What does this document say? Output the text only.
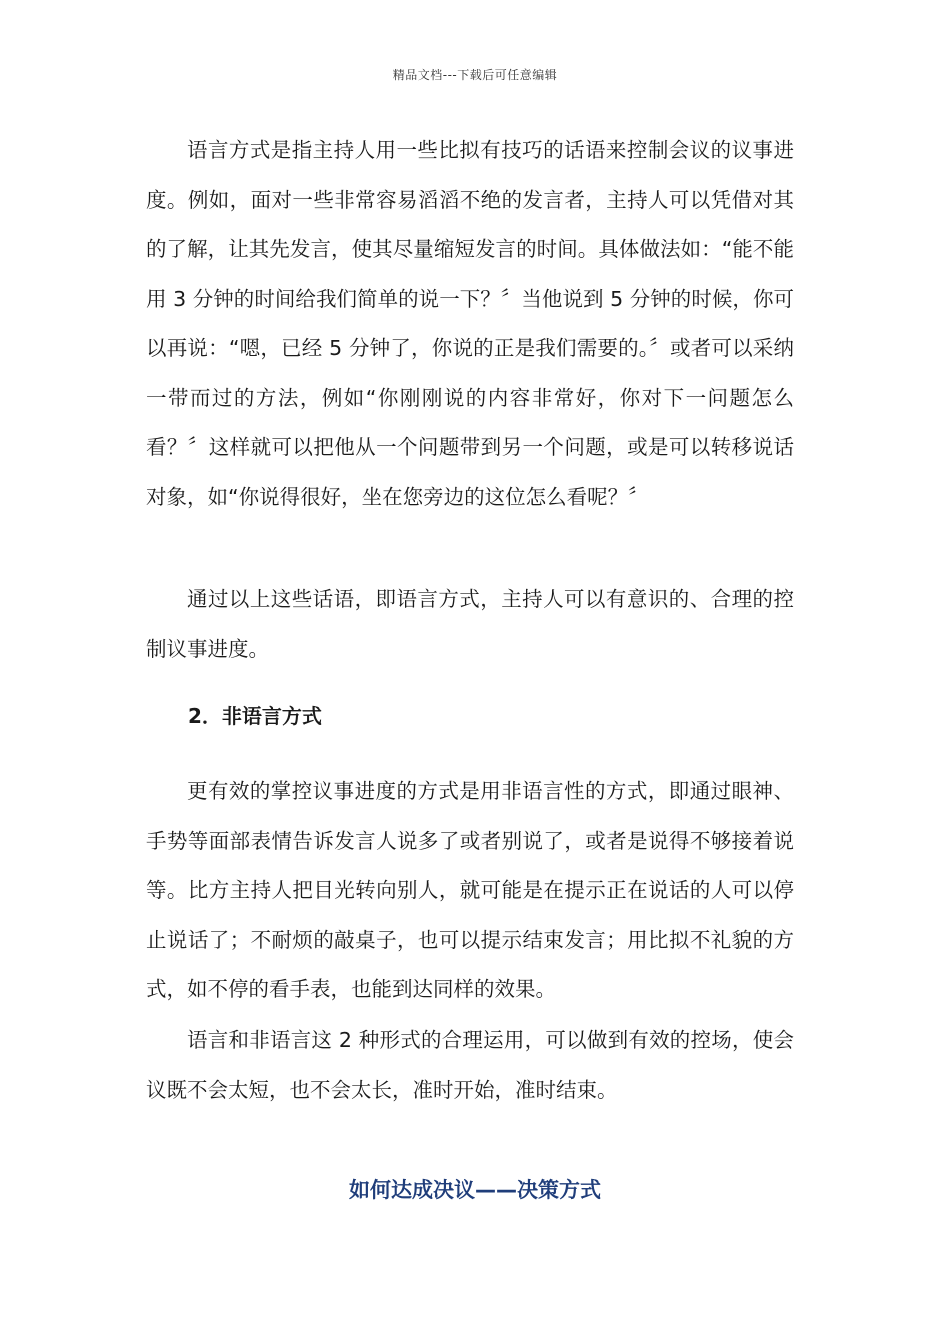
精品文档---下载后可任意编辑

语言方式是指主持人用一些比拟有技巧的话语来控制会议的议事进度。例如，面对一些非常容易滔滔不绝的发言者，主持人可以凭借对其的了解，让其先发言，使其尽量缩短发言的时间。具体做法如：“能不能用 3 分钟的时间给我们简单的说一下？〞当他说到 5 分钟的时候，你可以再说：“嗯，已经 5 分钟了，你说的正是我们需要的。〞或者可以采纳一带而过的方法，例如“你刚刚说的内容非常好，你对下一问题怎么看？〞这样就可以把他从一个问题带到另一个问题，或是可以转移说话对象，如“你说得很好，坐在您旁边的这位怎么看呢？〞

通过以上这些话语，即语言方式，主持人可以有意识的、合理的控制议事进度。

2．非语言方式

更有效的掌控议事进度的方式是用非语言性的方式，即通过眼神、手势等面部表情告诉发言人说多了或者别说了，或者是说得不够接着说等。比方主持人把目光转向别人，就可能是在提示正在说话的人可以停止说话了；不耐烦的敲桌子，也可以提示结束发言；用比拟不礼貌的方式，如不停的看手表，也能到达同样的效果。

语言和非语言这 2 种形式的合理运用，可以做到有效的控场，使会议既不会太短，也不会太长，准时开始，准时结束。

如何达成决议——决策方式
